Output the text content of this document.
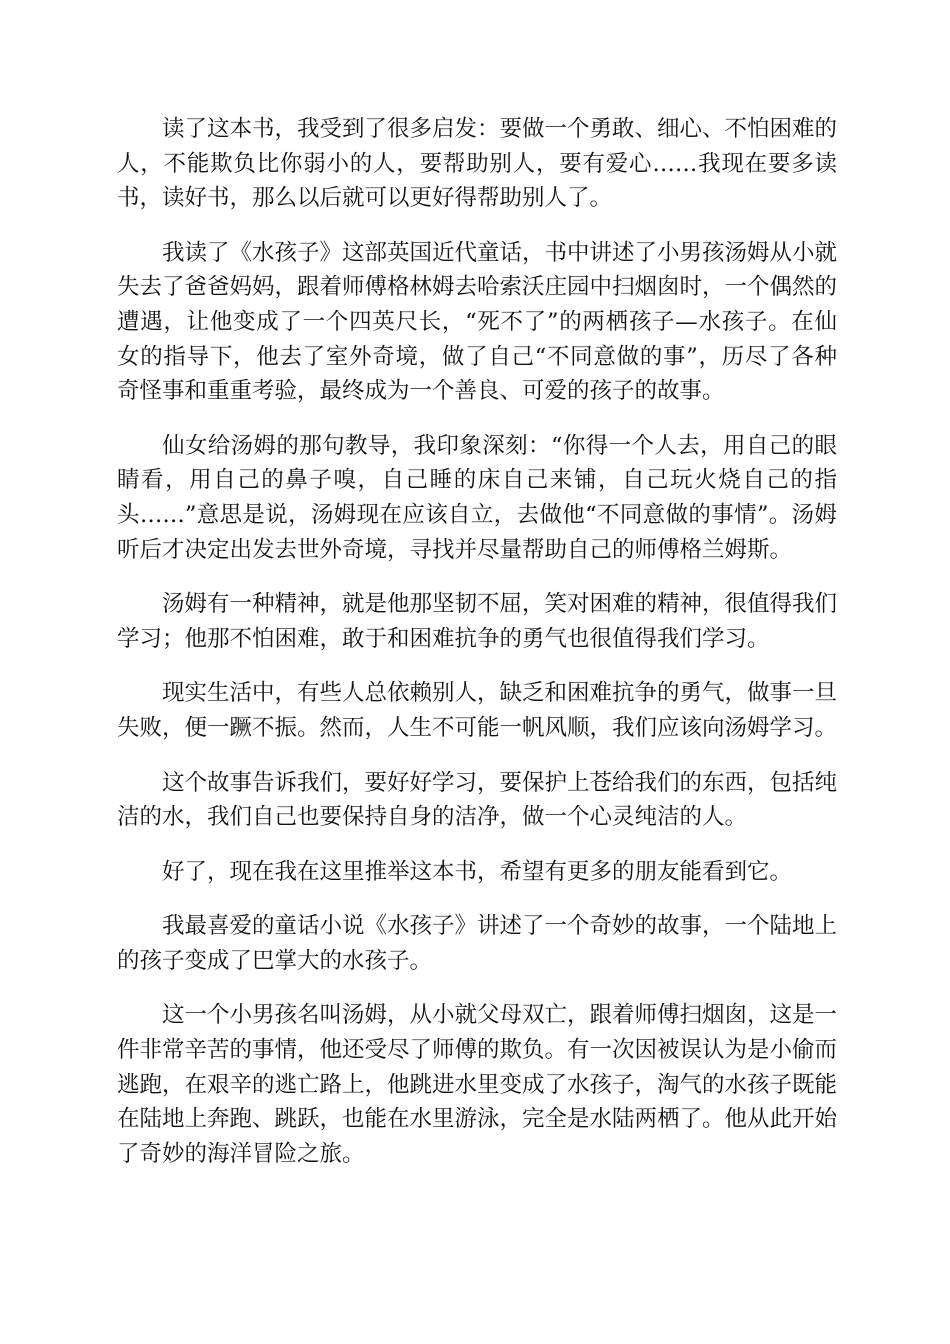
读了这本书，我受到了很多启发：要做一个勇敢、细心、不怕困难的人，不能欺负比你弱小的人，要帮助别人，要有爱心……我现在要多读书，读好书，那么以后就可以更好得帮助别人了。

我读了《水孩子》这部英国近代童话，书中讲述了小男孩汤姆从小就失去了爸爸妈妈，跟着师傅格林姆去哈索沃庄园中扫烟囱时，一个偶然的遭遇，让他变成了一个四英尺长，“死不了”的两栖孩子—水孩子。在仙女的指导下，他去了室外奇境，做了自己“不同意做的事”，历尽了各种奇怪事和重重考验，最终成为一个善良、可爱的孩子的故事。

仙女给汤姆的那句教导，我印象深刻：“你得一个人去，用自己的眼睛看，用自己的鼻子嗅，自己睡的床自己来铺，自己玩火烧自己的指头……”意思是说，汤姆现在应该自立，去做他“不同意做的事情”。汤姆听后才决定出发去世外奇境，寻找并尽量帮助自己的师傅格兰姆斯。

汤姆有一种精神，就是他那坚韧不屈，笑对困难的精神，很值得我们学习；他那不怕困难，敢于和困难抗争的勇气也很值得我们学习。

现实生活中，有些人总依赖别人，缺乏和困难抗争的勇气，做事一旦失败，便一蹶不振。然而，人生不可能一帆风顺，我们应该向汤姆学习。

这个故事告诉我们，要好好学习，要保护上苍给我们的东西，包括纯洁的水，我们自己也要保持自身的洁净，做一个心灵纯洁的人。

好了，现在我在这里推举这本书，希望有更多的朋友能看到它。

我最喜爱的童话小说《水孩子》讲述了一个奇妙的故事，一个陆地上的孩子变成了巴掌大的水孩子。

这一个小男孩名叫汤姆，从小就父母双亡，跟着师傅扫烟囱，这是一件非常辛苦的事情，他还受尽了师傅的欺负。有一次因被误认为是小偷而逃跑，在艰辛的逃亡路上，他跳进水里变成了水孩子，淘气的水孩子既能在陆地上奔跑、跳跃，也能在水里游泳，完全是水陆两栖了。他从此开始了奇妙的海洋冒险之旅。
